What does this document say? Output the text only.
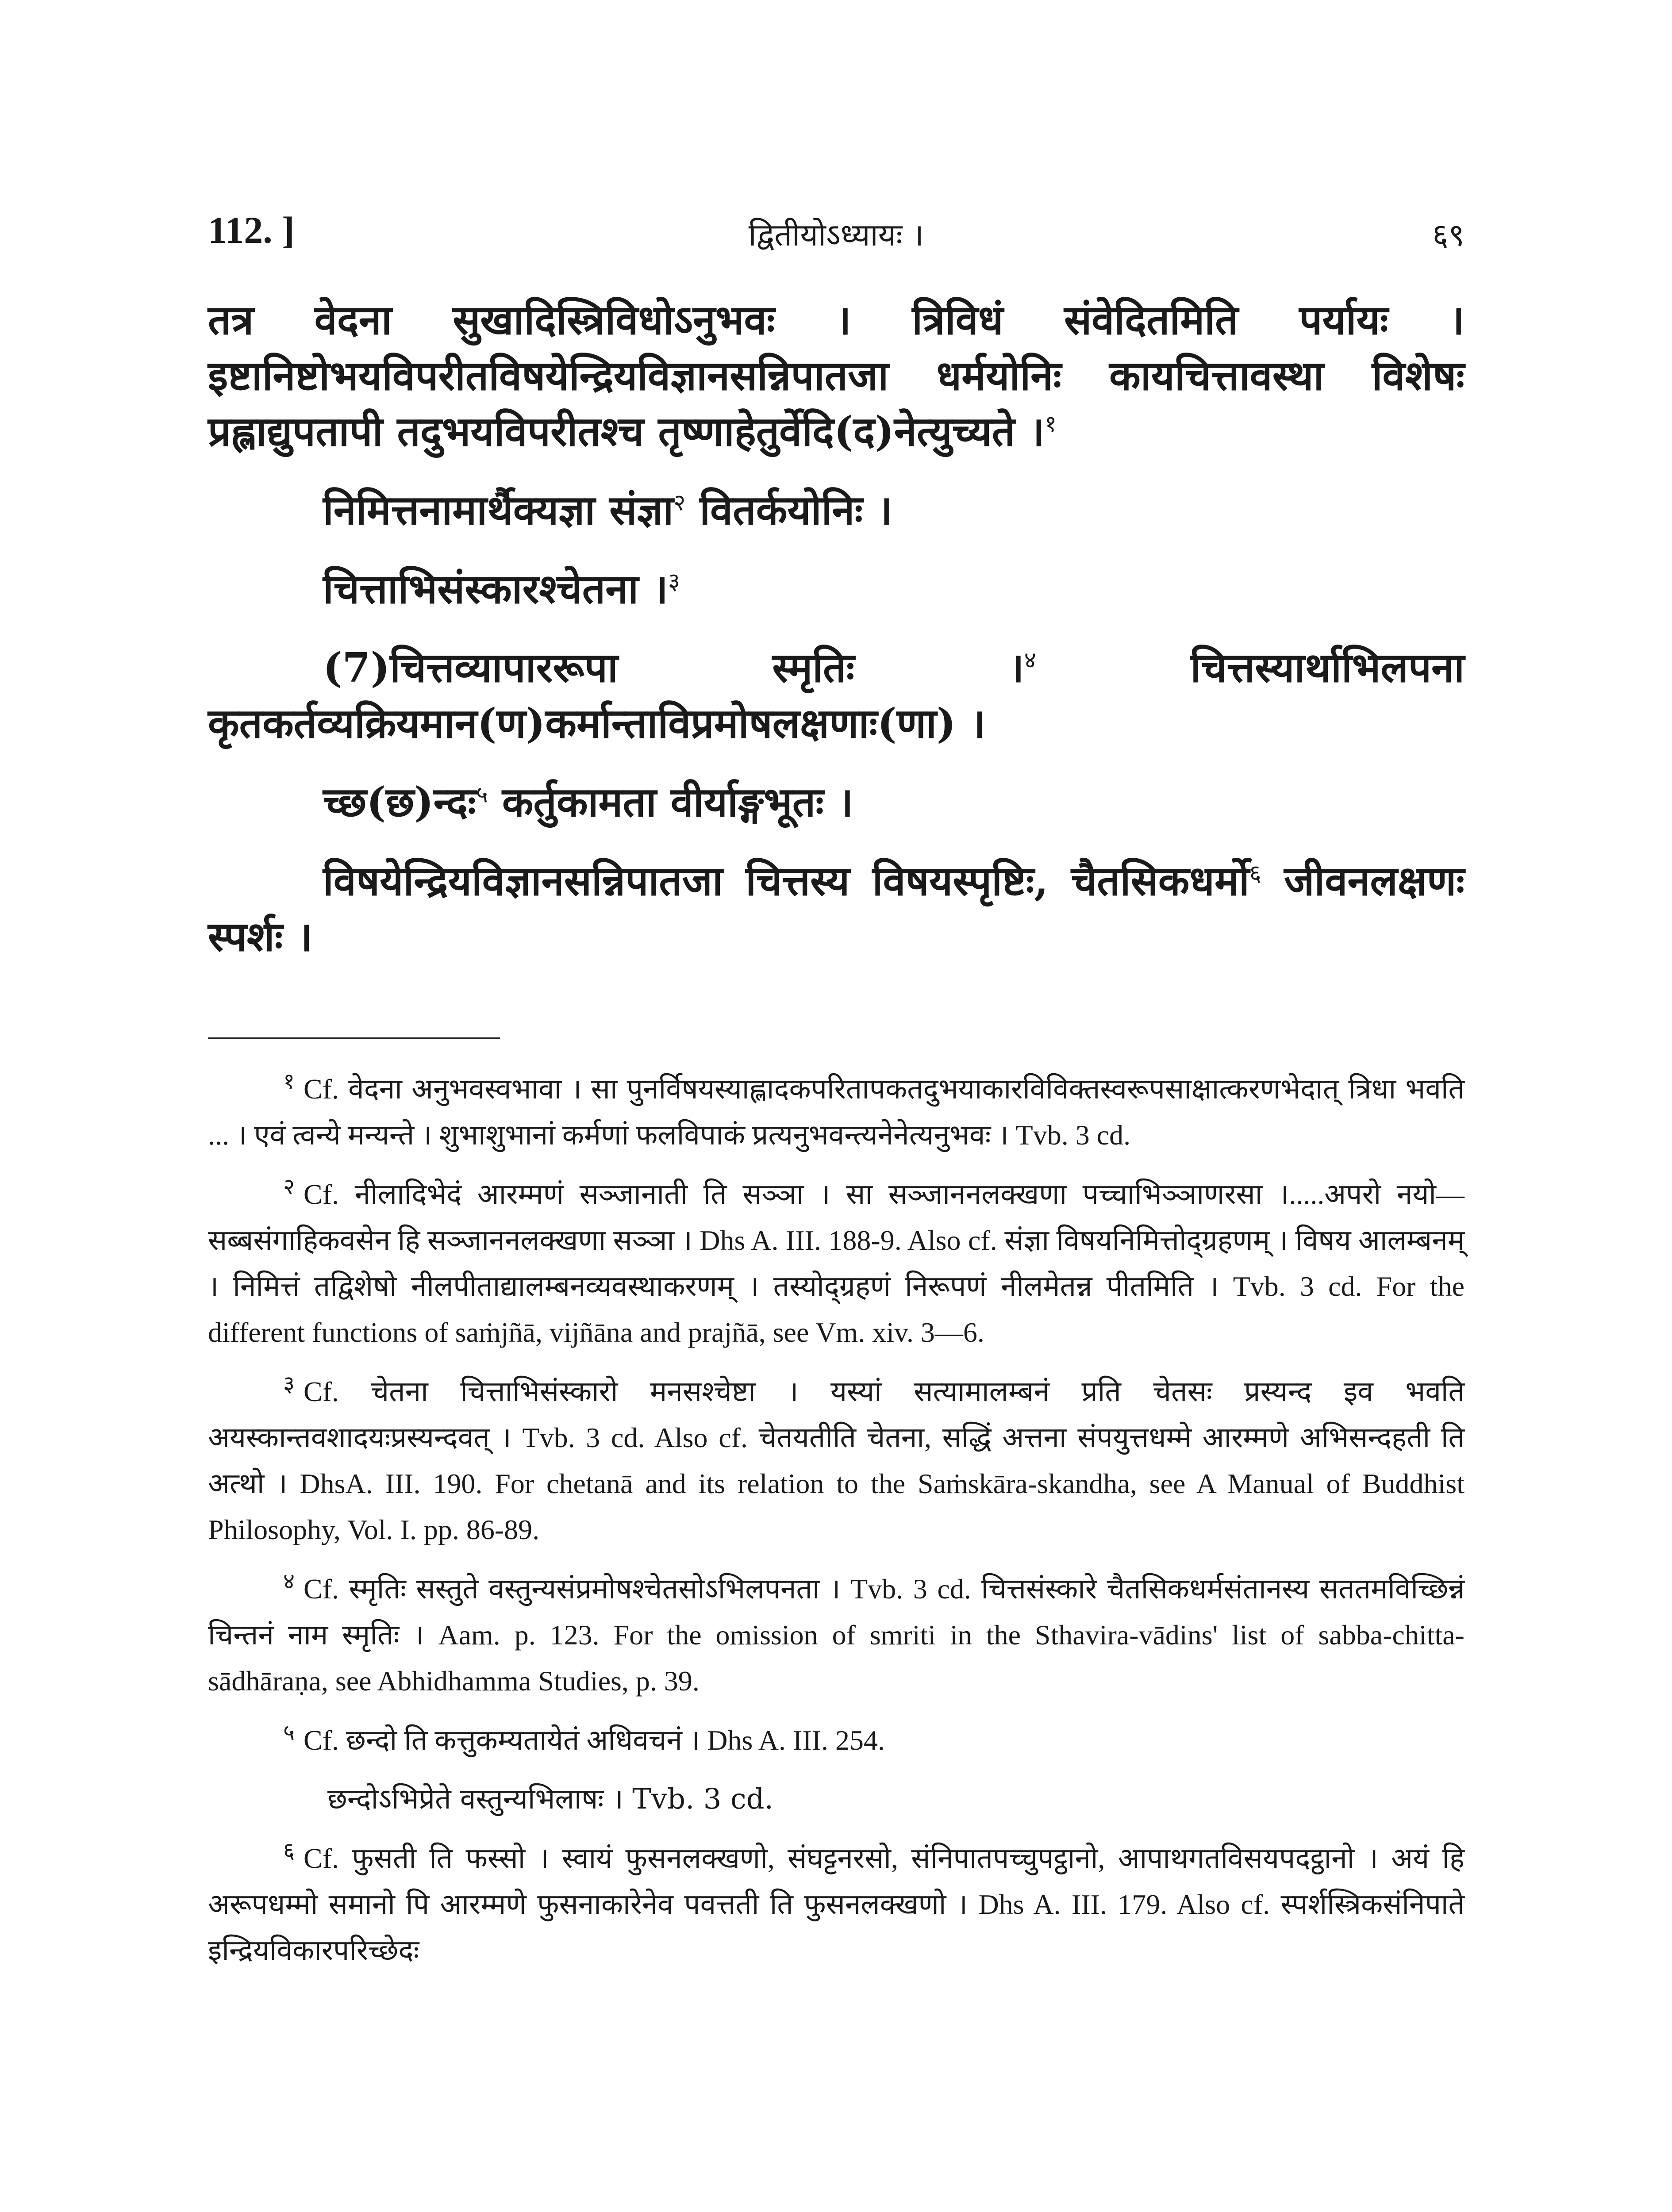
112. ]	द्वितीयोऽध्यायः ।	६९

तत्र वेदना सुखादिस्त्रिविधोऽनुभवः । त्रिविधं संवेदितमिति पर्यायः । इष्टानिष्टोभयविपरीतविषयेन्द्रियविज्ञानसन्निपातजा धर्मयोनिः कायचित्तावस्था विशेषः प्रह्लाद्युपतापी तदुभयविपरीतश्च तृष्णाहेतुर्वेदि(द)नेत्युच्यते ।$^१$

निमित्तनामार्थैक्यज्ञा संज्ञा$^२$ वितर्कयोनिः ।

चित्ताभिसंस्कारश्चेतना ।$^३$

(7)चित्तव्यापाररूपा स्मृतिः ।$^४$ चित्तस्यार्थाभिलपना कृतकर्तव्यक्रियमान(ण)कर्मान्ताविप्रमोषलक्षणाः(णा) ।

च्छ(छ)न्दः$^५$ कर्तुकामता वीर्याङ्गभूतः ।

विषयेन्द्रियविज्ञानसन्निपातजा चित्तस्य विषयस्पृष्टिः, चैतसिकधर्मो$^६$ जीवनलक्षणः स्पर्शः ।

$^१$ Cf. वेदना अनुभवस्वभावा । सा पुनर्विषयस्याह्लादकपरितापकतदुभयाकारविविक्तस्वरूपसाक्षात्करणभेदात् त्रिधा भवति ... । एवं त्वन्ये मन्यन्ते । शुभाशुभानां कर्मणां फलविपाकं प्रत्यनुभवन्त्यनेनेत्यनुभवः । Tvb. 3 cd.

$^२$ Cf. नीलादिभेदं आरम्मणं सञ्जानाती ति सञ्ञा । सा सञ्जाननलक्खणा पच्चाभिञ्ञाणरसा ।.....अपरो नयो—सब्बसंगाहिकवसेन हि सञ्जाननलक्खणा सञ्ञा । Dhs A. III. 188-9. Also cf. संज्ञा विषयनिमित्तोद्ग्रहणम् । विषय आलम्बनम् । निमित्तं तद्विशेषो नीलपीताद्यालम्बनव्यवस्थाकरणम् । तस्योद्ग्रहणं निरूपणं नीलमेतन्न पीतमिति । Tvb. 3 cd. For the different functions of saṁjñā, vijñāna and prajñā, see Vm. xiv. 3—6.

$^३$ Cf. चेतना चित्ताभिसंस्कारो मनसश्चेष्टा । यस्यां सत्यामालम्बनं प्रति चेतसः प्रस्यन्द इव भवति अयस्कान्तवशादयःप्रस्यन्दवत् । Tvb. 3 cd. Also cf. चेतयतीति चेतना, सद्धिं अत्तना संपयुत्तधम्मे आरम्मणे अभिसन्दहती ति अत्थो । DhsA. III. 190. For chetanā and its relation to the Saṁskāra-skandha, see A Manual of Buddhist Philosophy, Vol. I. pp. 86-89.

$^४$ Cf. स्मृतिः सस्तुते वस्तुन्यसंप्रमोषश्चेतसोऽभिलपनता । Tvb. 3 cd. चित्तसंस्कारे चैतसिकधर्मसंतानस्य सततमविच्छिन्नं चिन्तनं नाम स्मृतिः । Aam. p. 123. For the omission of smriti in the Sthavira-vādins' list of sabba-chitta-sādhāraṇa, see Abhidhamma Studies, p. 39.

$^५$ Cf. छन्दो ति कत्तुकम्यतायेतं अधिवचनं । Dhs A. III. 254.

छन्दोऽभिप्रेते वस्तुन्यभिलाषः । Tvb. 3 cd.

$^६$ Cf. फुसती ति फस्सो । स्वायं फुसनलक्खणो, संघट्टनरसो, संनिपातपच्चुपट्ठानो, आपाथगतविसयपदट्ठानो । अयं हि अरूपधम्मो समानो पि आरम्मणे फुसनाकारेनेव पवत्तती ति फुसनलक्खणो । Dhs A. III. 179. Also cf. स्पर्शस्त्रिकसंनिपाते इन्द्रियविकारपरिच्छेदः
